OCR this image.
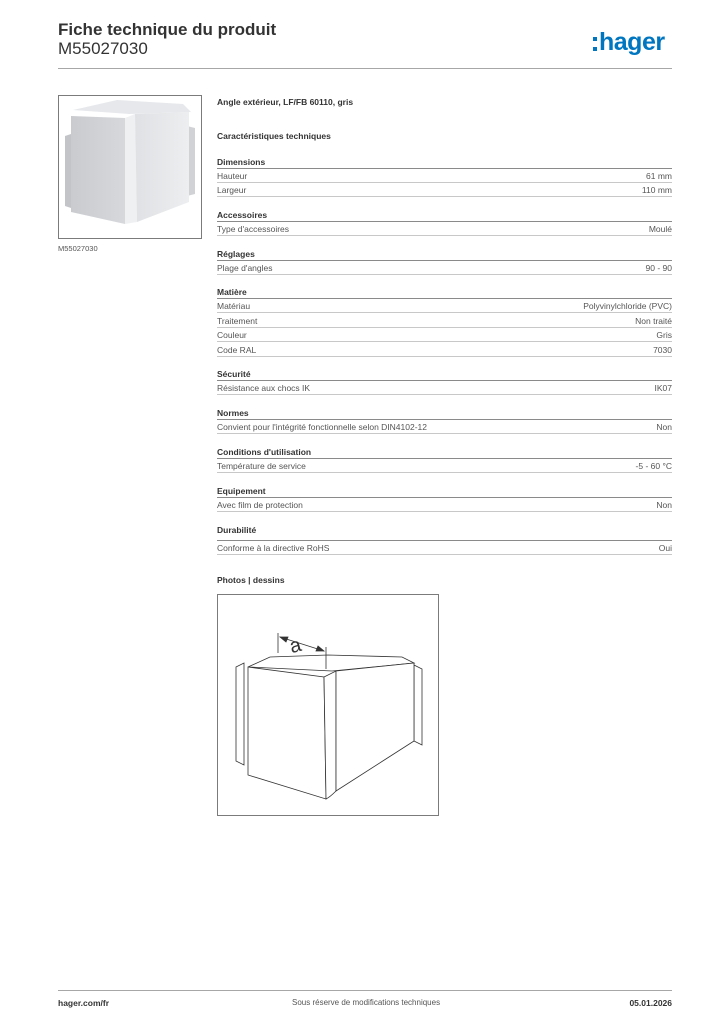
Fiche technique du produit
M55027030	hager
M55027030
Angle extérieur, LF/FB 60110, gris
Caractéristiques techniques
Dimensions
Hauteur	61 mm
Largeur	110 mm
Accessoires
Type d'accessoires	Moulé
Réglages
Plage d'angles	90 - 90
Matière
Matériau	Polyvinylchloride (PVC)
Traitement	Non traité
Couleur	Gris
Code RAL	7030
Sécurité
Résistance aux chocs IK	IK07
Normes
Convient pour l'intégrité fonctionnelle selon DIN4102-12	Non
Conditions d'utilisation
Température de service	-5 - 60 °C
Equipement
Avec film de protection	Non
Durabilité
Conforme à la directive RoHS	Oui
Photos | dessins
a
hager.com/fr	Sous réserve de modifications techniques	05.01.2026
